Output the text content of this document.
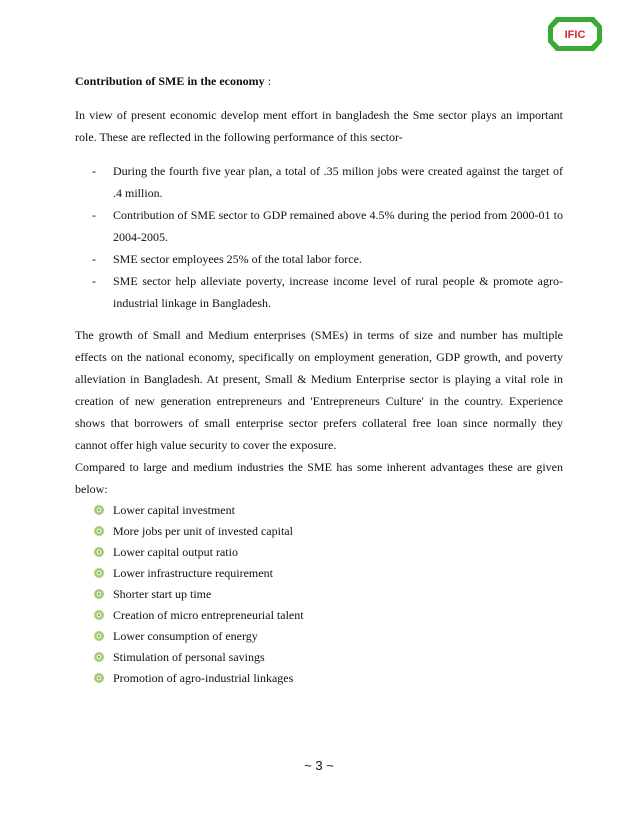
IFIC

Contribution of SME in the economy :

In view of present economic develop ment effort in bangladesh the Sme sector plays an important role. These are reflected in the following performance of this sector-

- During the fourth five year plan, a total of .35 milion jobs were created against the target of .4 million.
- Contribution of SME sector to GDP remained above 4.5% during the period from 2000-01 to 2004-2005.
- SME sector employees 25% of the total labor force.
- SME sector help alleviate poverty, increase income level of rural people & promote agro-industrial linkage in Bangladesh.

The growth of Small and Medium enterprises (SMEs) in terms of size and number has multiple effects on the national economy, specifically on employment generation, GDP growth, and poverty alleviation in Bangladesh. At present, Small & Medium Enterprise sector is playing a vital role in creation of new generation entrepreneurs and 'Entrepreneurs Culture' in the country. Experience shows that borrowers of small enterprise sector prefers collateral free loan since normally they cannot offer high value security to cover the exposure.

Compared to large and medium industries the SME has some inherent advantages these are given below:

Lower capital investment
More jobs per unit of invested capital
Lower capital output ratio
Lower infrastructure requirement
Shorter start up time
Creation of micro entrepreneurial talent
Lower consumption of energy
Stimulation of personal savings
Promotion of agro-industrial linkages
~ 3 ~
